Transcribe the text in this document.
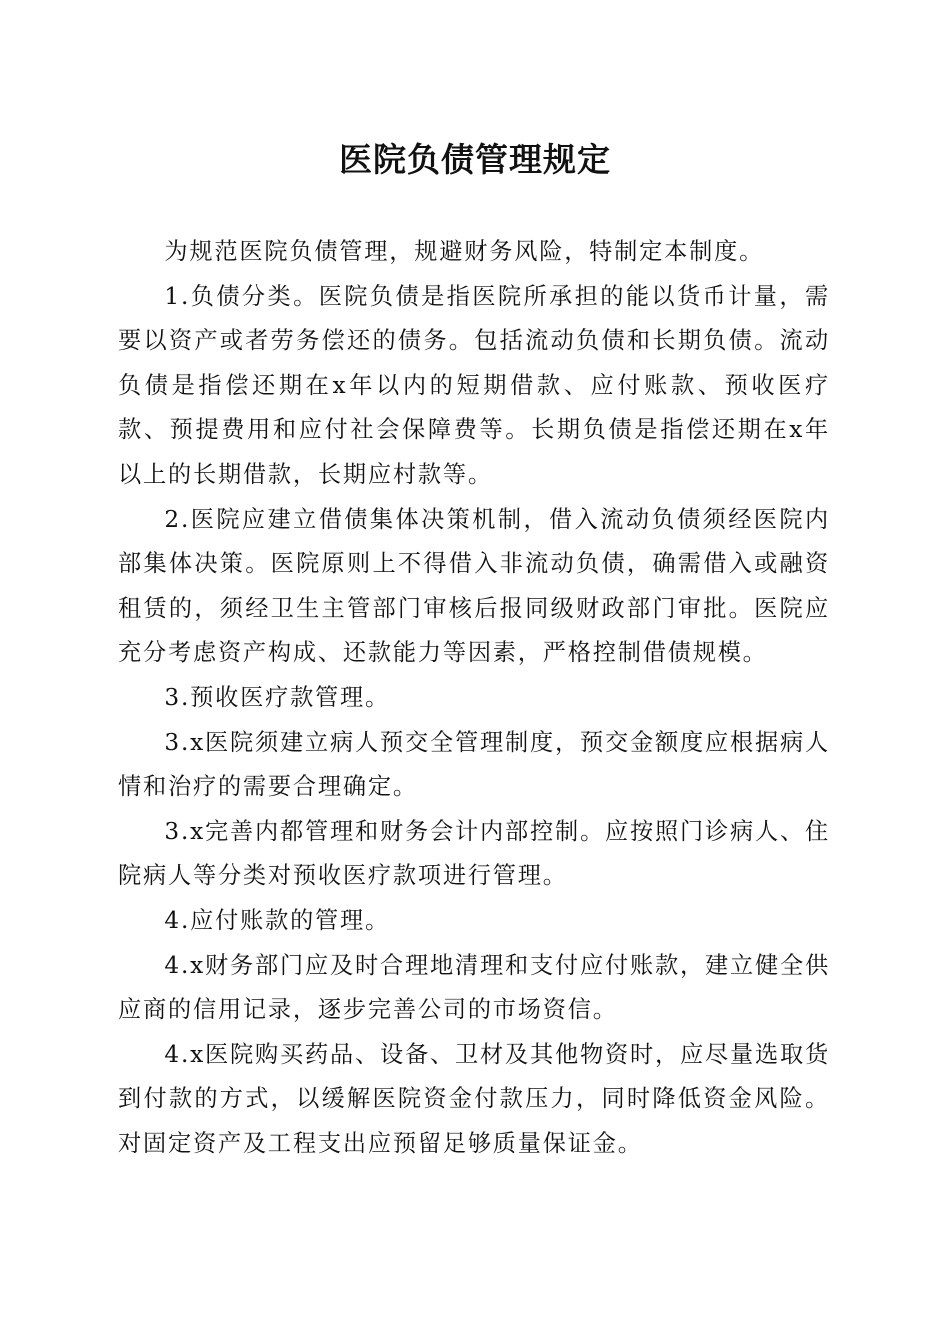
医院负债管理规定

为规范医院负债管理，规避财务风险，特制定本制度。

1.负债分类。医院负债是指医院所承担的能以货币计量，需要以资产或者劳务偿还的债务。包括流动负债和长期负债。流动负债是指偿还期在x年以内的短期借款、应付账款、预收医疗款、预提费用和应付社会保障费等。长期负债是指偿还期在x年以上的长期借款，长期应村款等。

2.医院应建立借债集体决策机制，借入流动负债须经医院内部集体决策。医院原则上不得借入非流动负债，确需借入或融资租赁的，须经卫生主管部门审核后报同级财政部门审批。医院应充分考虑资产构成、还款能力等因素，严格控制借债规模。

3.预收医疗款管理。

3.x医院须建立病人预交全管理制度，预交金额度应根据病人情和治疗的需要合理确定。

3.x完善内都管理和财务会计内部控制。应按照门诊病人、住院病人等分类对预收医疗款项进行管理。

4.应付账款的管理。

4.x财务部门应及时合理地清理和支付应付账款，建立健全供应商的信用记录，逐步完善公司的市场资信。

4.x医院购买药品、设备、卫材及其他物资时，应尽量选取货到付款的方式，以缓解医院资金付款压力，同时降低资金风险。对固定资产及工程支出应预留足够质量保证金。
